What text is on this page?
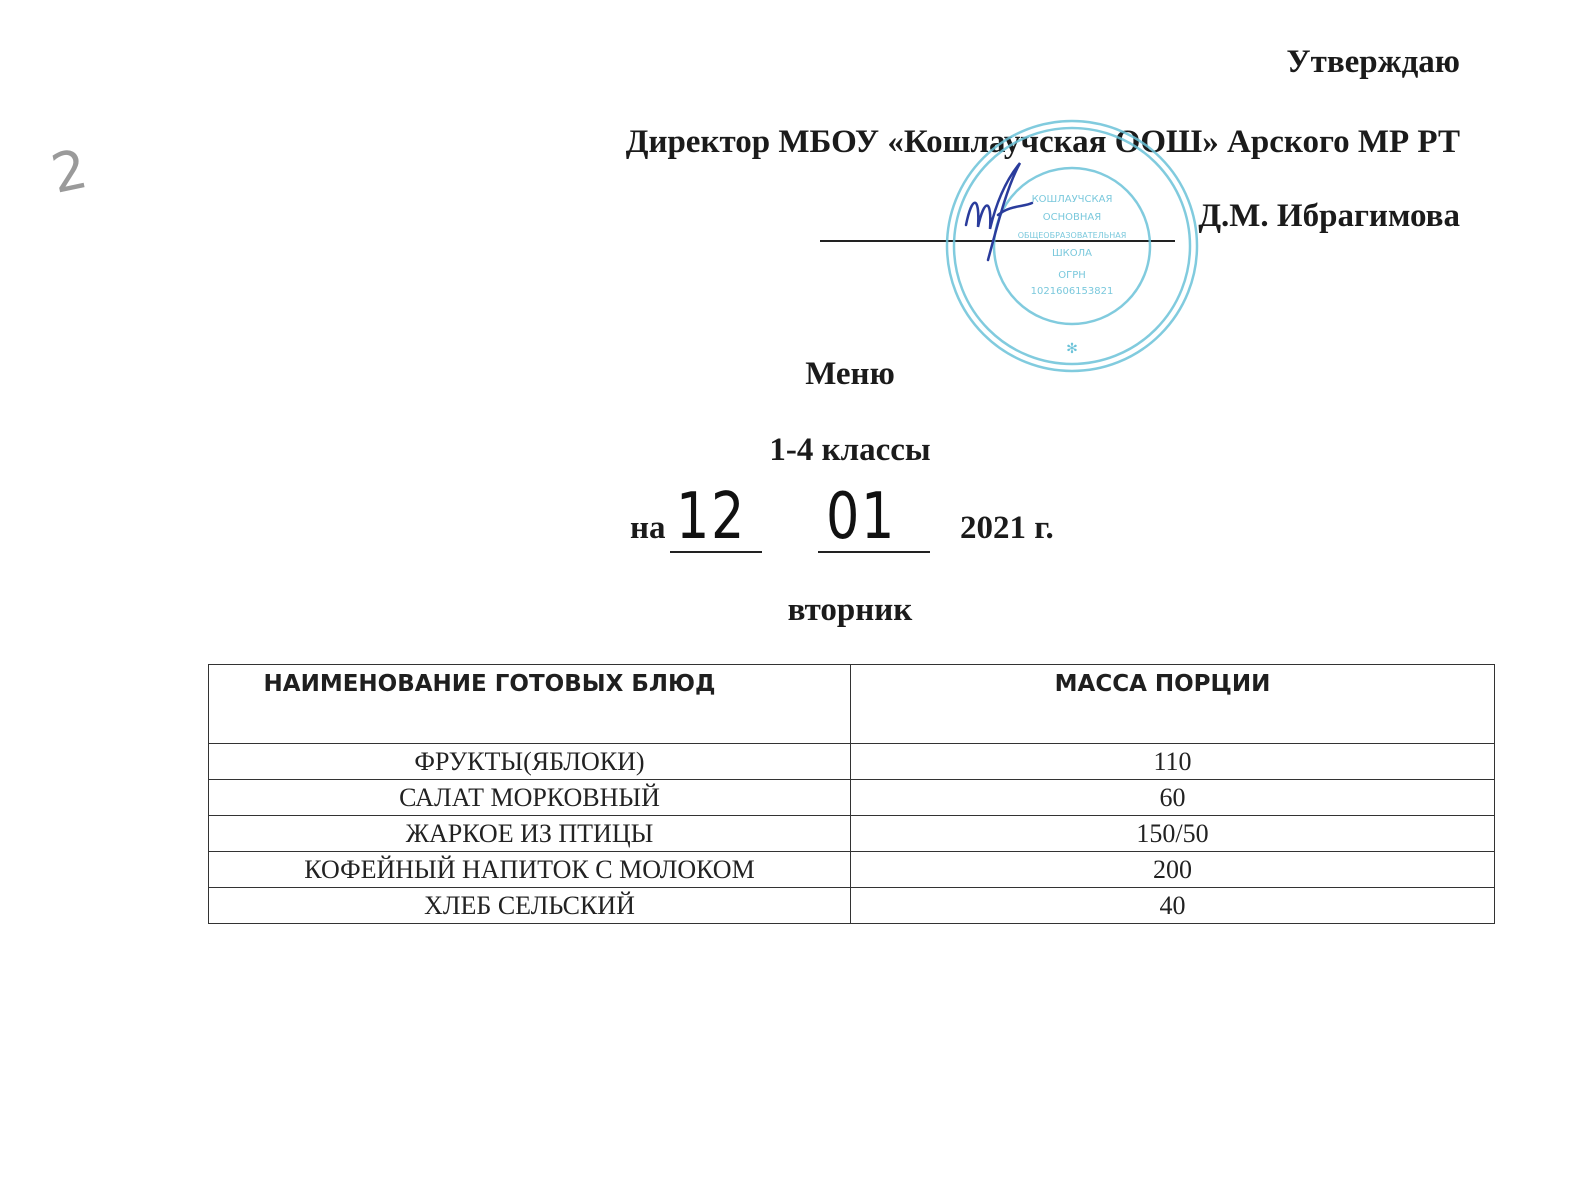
2
Утверждаю
Директор МБОУ «Кошлаучская ООШ» Арского МР РТ
Д.М. Ибрагимова
КОШЛАУЧСКАЯ
ОСНОВНАЯ
ОБЩЕОБРАЗОВАТЕЛЬНАЯ
ШКОЛА
ОГРН
1021606153821
✻
Меню
1-4 классы
на 12 01 2021 г.
вторник
НАИМЕНОВАНИЕ ГОТОВЫХ БЛЮД	МАССА ПОРЦИИ
ФРУКТЫ(ЯБЛОКИ)	110
САЛАТ МОРКОВНЫЙ	60
ЖАРКОЕ ИЗ ПТИЦЫ	150/50
КОФЕЙНЫЙ НАПИТОК С МОЛОКОМ	200
ХЛЕБ СЕЛЬСКИЙ	40
